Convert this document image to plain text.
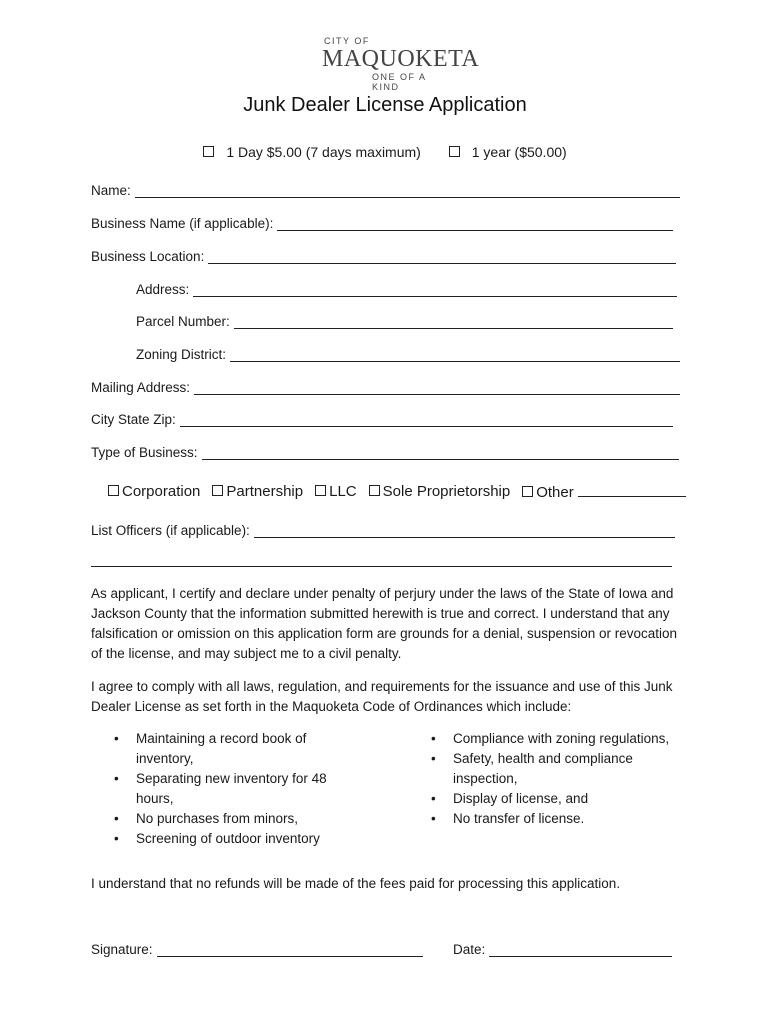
CITY OF
MAQUOKETA
ONE OF A KIND
Junk Dealer License Application
1 Day $5.00 (7 days maximum)	1 year ($50.00)
Name:
Business Name (if applicable):
Business Location:
Address:
Parcel Number:
Zoning District:
Mailing Address:
City State Zip:
Type of Business:
Corporation	Partnership	LLC	Sole Proprietorship	Other
List Officers (if applicable):
As applicant, I certify and declare under penalty of perjury under the laws of the State of Iowa and Jackson County that the information submitted herewith is true and correct. I understand that any falsification or omission on this application form are grounds for a denial, suspension or revocation of the license, and may subject me to a civil penalty.
I agree to comply with all laws, regulation, and requirements for the issuance and use of this Junk Dealer License as set forth in the Maquoketa Code of Ordinances which include:
• Maintaining a record book of inventory,
• Separating new inventory for 48 hours,
• No purchases from minors,
• Screening of outdoor inventory
• Compliance with zoning regulations,
• Safety, health and compliance inspection,
• Display of license, and
• No transfer of license.
I understand that no refunds will be made of the fees paid for processing this application.
Signature:	Date:
